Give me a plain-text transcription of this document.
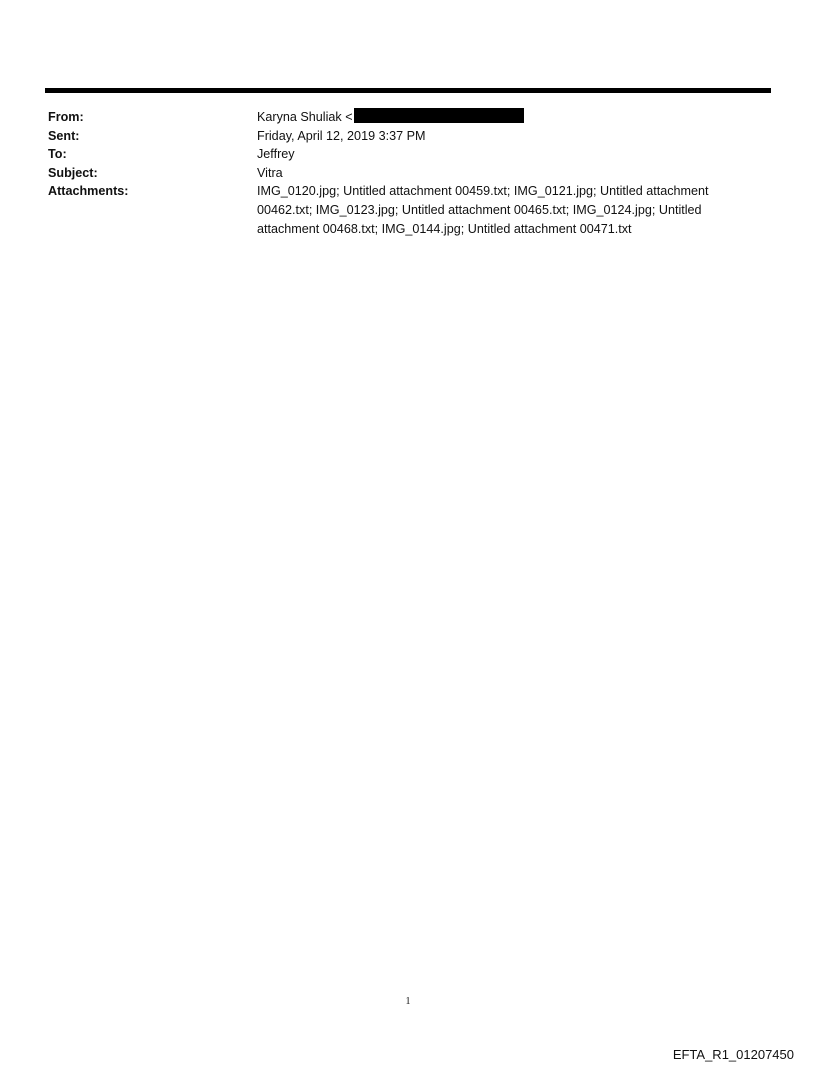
From:	Karyna Shuliak <
Sent:	Friday, April 12, 2019 3:37 PM
To:	Jeffrey
Subject:	Vitra
Attachments:	IMG_0120.jpg; Untitled attachment 00459.txt; IMG_0121.jpg; Untitled attachment 00462.txt; IMG_0123.jpg; Untitled attachment 00465.txt; IMG_0124.jpg; Untitled attachment 00468.txt; IMG_0144.jpg; Untitled attachment 00471.txt
1
EFTA_R1_01207450
